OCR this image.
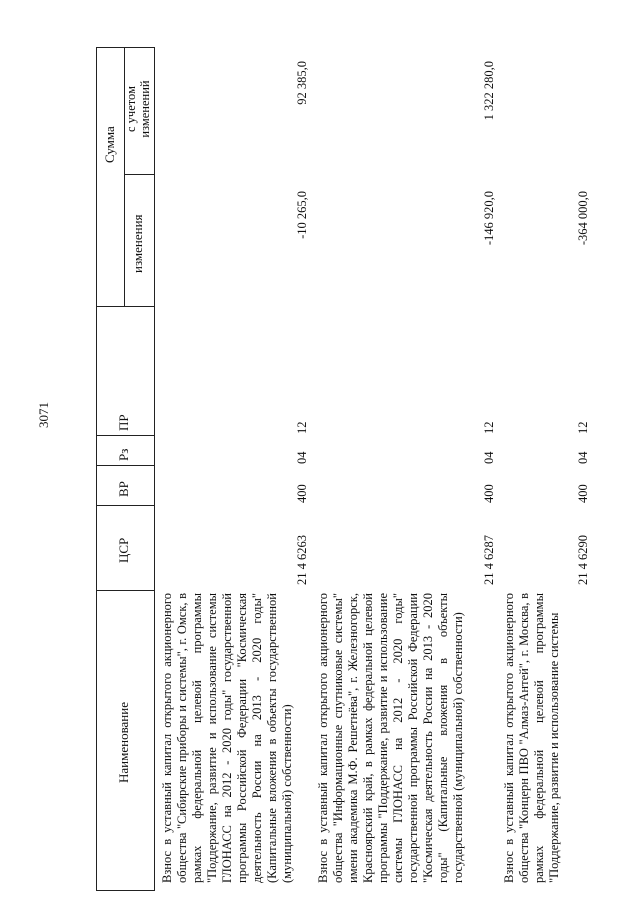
3071
Наименование
ЦСР
ВР
Рз
ПР
Сумма
изменения
с учетом изменений
Взнос в уставный капитал открытого акционерного общества "Сибирские приборы и системы", г. Омск, в рамках федеральной целевой программы "Поддержание, развитие и использование системы ГЛОНАСС на 2012 - 2020 годы" государственной программы Российской Федерации "Космическая деятельность России на 2013 - 2020 годы" (Капитальные вложения в объекты государственной (муниципальной) собственности)
21 4 6263
400
04
12
-10 265,0
92 385,0
Взнос в уставный капитал открытого акционерного общества "Информационные спутниковые системы" имени академика М.Ф. Решетнёва", г. Железногорск, Красноярский край, в рамках федеральной целевой программы "Поддержание, развитие и использование системы ГЛОНАСС на 2012 - 2020 годы" государственной программы Российской Федерации "Космическая деятельность России на 2013 - 2020 годы" (Капитальные вложения в объекты государственной (муниципальной) собственности)
21 4 6287
400
04
12
-146 920,0
1 322 280,0
Взнос в уставный капитал открытого акционерного общества "Концерн ПВО "Алмаз-Антей", г. Москва, в рамках федеральной целевой программы "Поддержание, развитие и использование системы
21 4 6290
400
04
12
-364 000,0
